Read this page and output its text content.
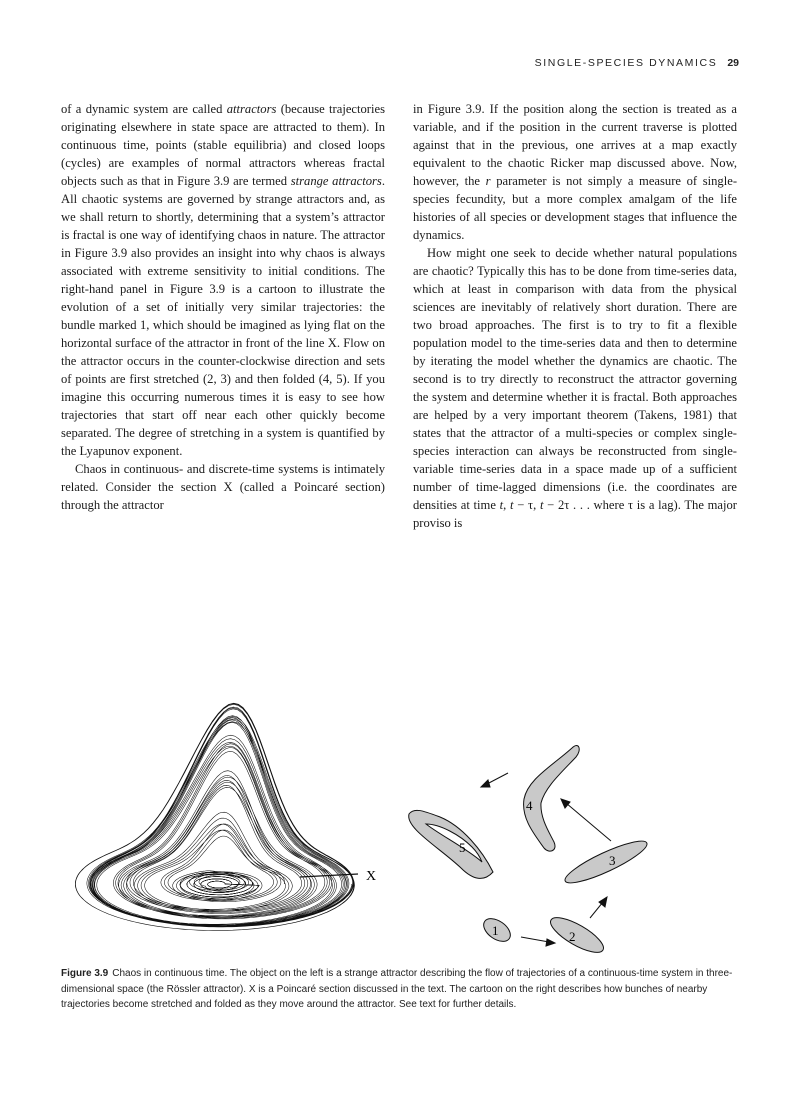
SINGLE-SPECIES DYNAMICS 29

of a dynamic system are called attractors (because trajectories originating elsewhere in state space are attracted to them). In continuous time, points (stable equilibria) and closed loops (cycles) are examples of normal attractors whereas fractal objects such as that in Figure 3.9 are termed strange attractors. All chaotic systems are governed by strange attractors and, as we shall return to shortly, determining that a system’s attractor is fractal is one way of identifying chaos in nature. The attractor in Figure 3.9 also provides an insight into why chaos is always associated with extreme sensitivity to initial conditions. The right-hand panel in Figure 3.9 is a cartoon to illustrate the evolution of a set of initially very similar trajectories: the bundle marked 1, which should be imagined as lying flat on the horizontal surface of the attractor in front of the line X. Flow on the attractor occurs in the counter-clockwise direction and sets of points are first stretched (2, 3) and then folded (4, 5). If you imagine this occurring numerous times it is easy to see how trajectories that start off near each other quickly become separated. The degree of stretching in a system is quantified by the Lyapunov exponent.

Chaos in continuous- and discrete-time systems is intimately related. Consider the section X (called a Poincaré section) through the attractor

in Figure 3.9. If the position along the section is treated as a variable, and if the position in the current traverse is plotted against that in the previous, one arrives at a map exactly equivalent to the chaotic Ricker map discussed above. Now, however, the r parameter is not simply a measure of single-species fecundity, but a more complex amalgam of the life histories of all species or development stages that influence the dynamics.

How might one seek to decide whether natural populations are chaotic? Typically this has to be done from time-series data, which at least in comparison with data from the physical sciences are inevitably of relatively short duration. There are two broad approaches. The first is to try to fit a flexible population model to the time-series data and then to determine by iterating the model whether the dynamics are chaotic. The second is to try directly to reconstruct the attractor governing the system and determine whether it is fractal. Both approaches are helped by a very important theorem (Takens, 1981) that states that the attractor of a multi-species or complex single-species interaction can always be reconstructed from single-variable time-series data in a space made up of a sufficient number of time-lagged dimensions (i.e. the coordinates are densities at time t, t − τ, t − 2τ . . . where τ is a lag). The major proviso is

X
1	2
3
4
5
Figure 3.9 Chaos in continuous time. The object on the left is a strange attractor describing the flow of trajectories of a continuous-time system in three-dimensional space (the Rössler attractor). X is a Poincaré section discussed in the text. The cartoon on the right describes how bunches of nearby trajectories become stretched and folded as they move around the attractor. See text for further details.
